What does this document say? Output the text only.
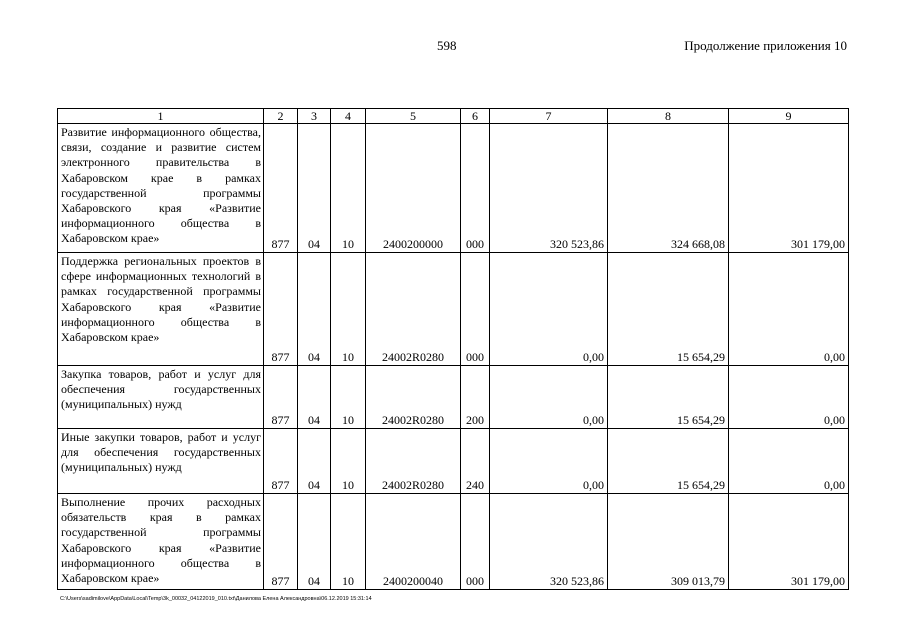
598	Продолжение приложения 10
1	2	3	4	5	6	7	8	9

Развитие информационного общества, связи, создание и развитие систем электронного правительства в Хабаровском крае в рамках государственной программы Хабаровского края «Развитие информационного общества в Хабаровском крае»	877	04	10	2400200000	000	320 523,86	324 668,08	301 179,00

Поддержка региональных проектов в сфере информационных технологий в рамках государственной программы Хабаровского края «Развитие информационного общества в Хабаровском крае»	877	04	10	24002R0280	000	0,00	15 654,29	0,00

Закупка товаров, работ и услуг для обеспечения государственных (муниципальных) нужд	877	04	10	24002R0280	200	0,00	15 654,29	0,00

Иные закупки товаров, работ и услуг для обеспечения государственных (муниципальных) нужд	877	04	10	24002R0280	240	0,00	15 654,29	0,00

Выполнение прочих расходных обязательств края в рамках государственной программы Хабаровского края «Развитие информационного общества в Хабаровском крае»	877	04	10	2400200040	000	320 523,86	309 013,79	301 179,00
C:\Users\sadimilove\AppData\Local\Temp\3k_00032_04122019_010.txt\Данилова Елена Александровна\06.12.2019 15:31:14
